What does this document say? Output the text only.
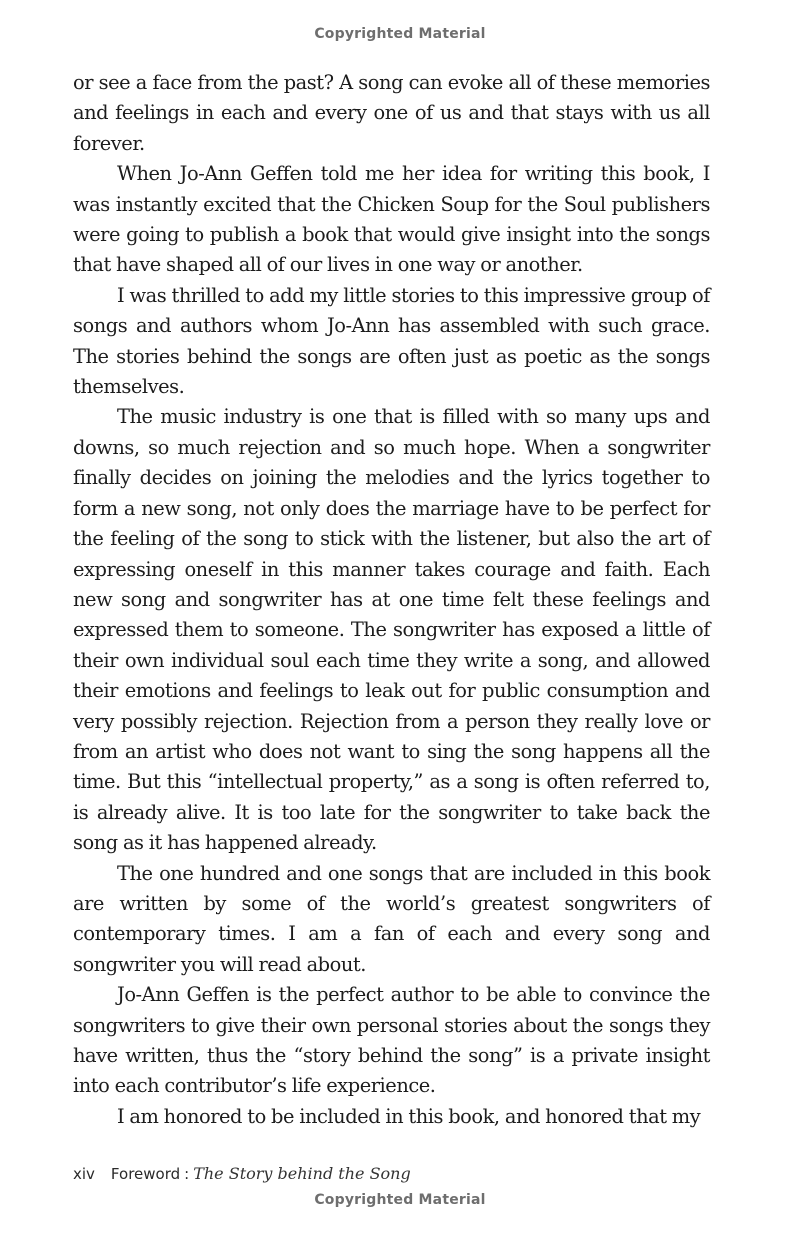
Copyrighted Material

or see a face from the past? A song can evoke all of these memories and feelings in each and every one of us and that stays with us all forever.

When Jo-Ann Geffen told me her idea for writing this book, I was instantly excited that the Chicken Soup for the Soul publishers were going to publish a book that would give insight into the songs that have shaped all of our lives in one way or another.

I was thrilled to add my little stories to this impressive group of songs and authors whom Jo-Ann has assembled with such grace. The stories behind the songs are often just as poetic as the songs themselves.

The music industry is one that is filled with so many ups and downs, so much rejection and so much hope. When a songwriter finally decides on joining the melodies and the lyrics together to form a new song, not only does the marriage have to be perfect for the feeling of the song to stick with the listener, but also the art of expressing oneself in this manner takes courage and faith. Each new song and songwriter has at one time felt these feelings and expressed them to someone. The songwriter has exposed a little of their own individual soul each time they write a song, and allowed their emotions and feelings to leak out for public consumption and very possibly rejection. Rejection from a person they really love or from an artist who does not want to sing the song happens all the time. But this “intellectual property,” as a song is often referred to, is already alive. It is too late for the songwriter to take back the song as it has happened already.

The one hundred and one songs that are included in this book are written by some of the world’s greatest songwriters of contemporary times. I am a fan of each and every song and songwriter you will read about.

Jo-Ann Geffen is the perfect author to be able to convince the songwriters to give their own personal stories about the songs they have written, thus the “story behind the song” is a private insight into each contributor’s life experience.

I am honored to be included in this book, and honored that my

xiv Foreword : The Story behind the Song
Copyrighted Material
